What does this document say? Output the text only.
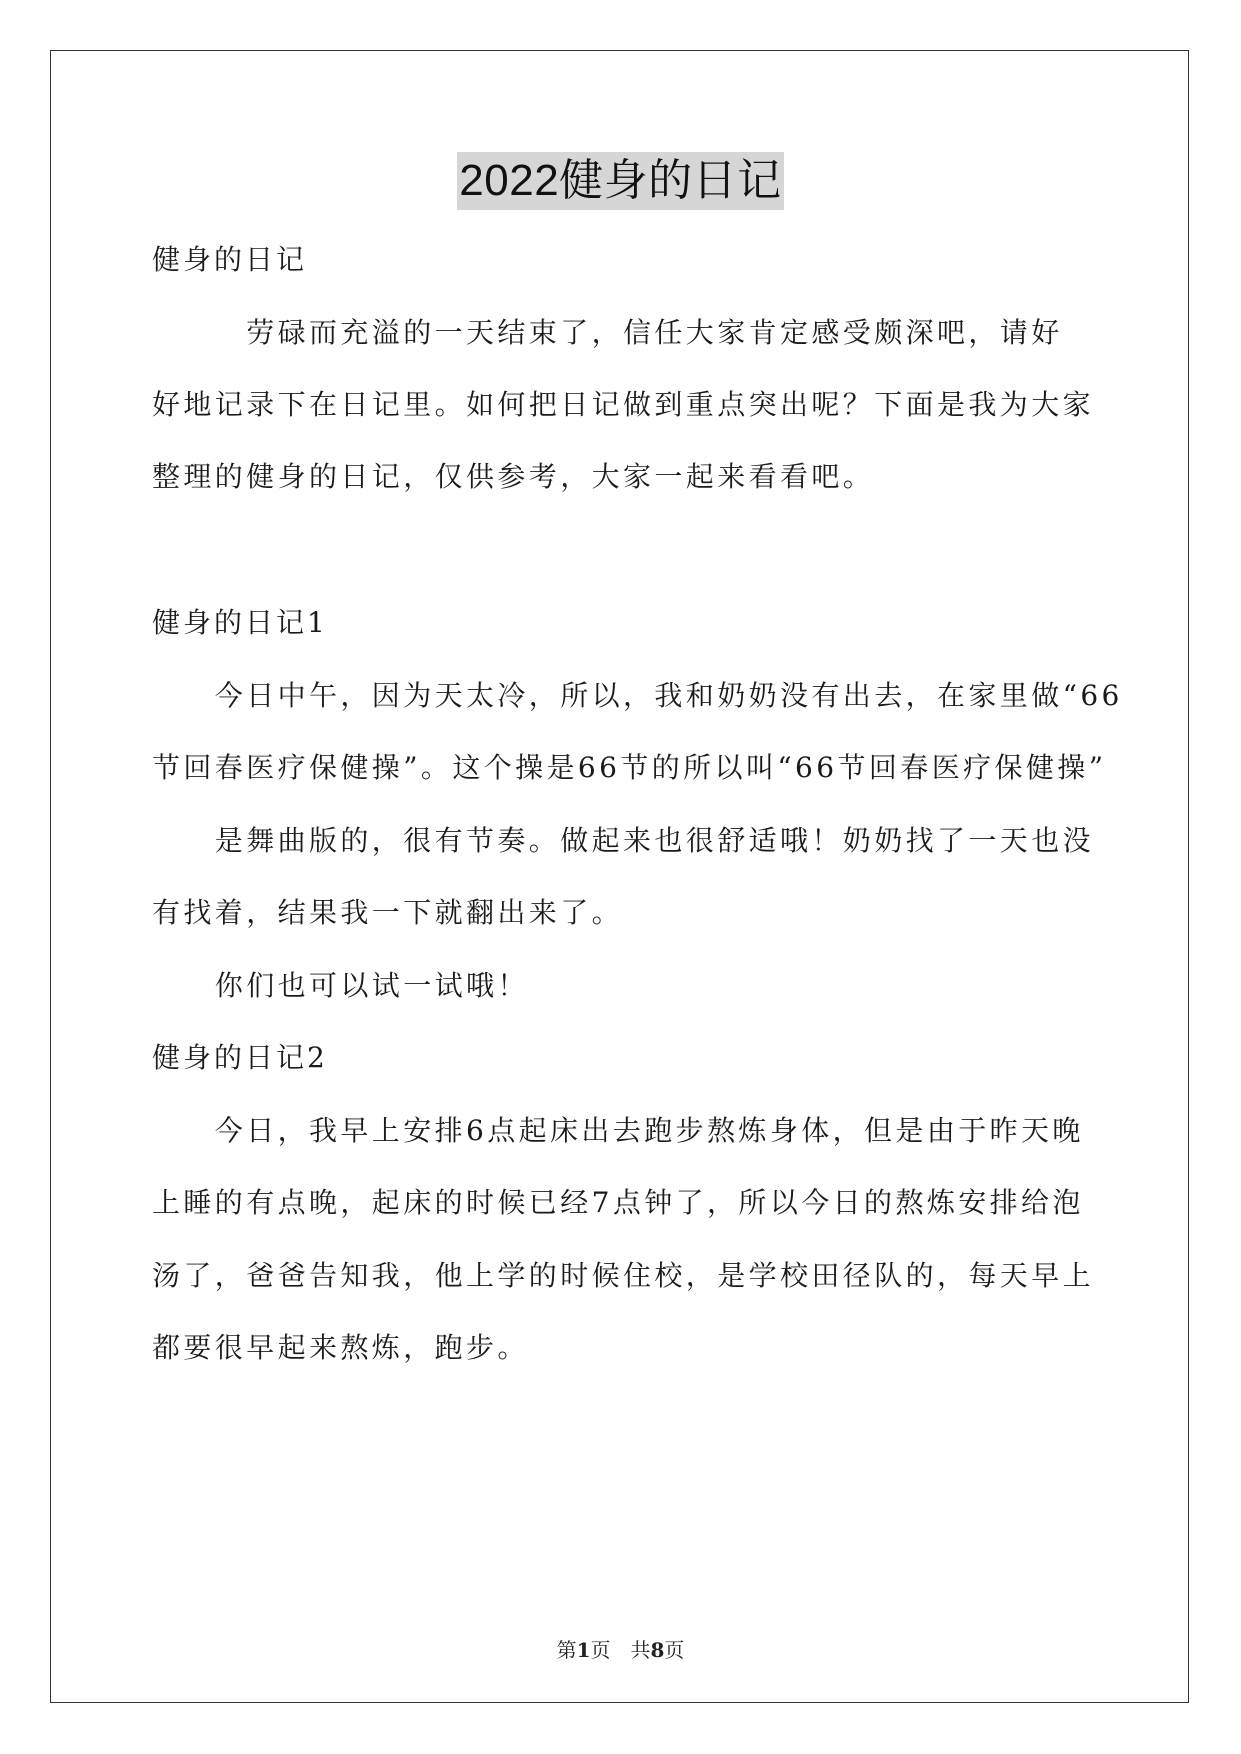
2022健身的日记
健身的日记
　　　劳碌而充溢的一天结束了，信任大家肯定感受颇深吧，请好
好地记录下在日记里。如何把日记做到重点突出呢？下面是我为大家
整理的健身的日记，仅供参考，大家一起来看看吧。
健身的日记1
　　今日中午，因为天太冷，所以，我和奶奶没有出去，在家里做“66
节回春医疗保健操”。这个操是66节的所以叫“66节回春医疗保健操”
　　是舞曲版的，很有节奏。做起来也很舒适哦！奶奶找了一天也没
有找着，结果我一下就翻出来了。
　　你们也可以试一试哦！
健身的日记2
　　今日，我早上安排6点起床出去跑步熬炼身体，但是由于昨天晚
上睡的有点晚，起床的时候已经7点钟了，所以今日的熬炼安排给泡
汤了，爸爸告知我，他上学的时候住校，是学校田径队的，每天早上
都要很早起来熬炼，跑步。
第1页　共8页
